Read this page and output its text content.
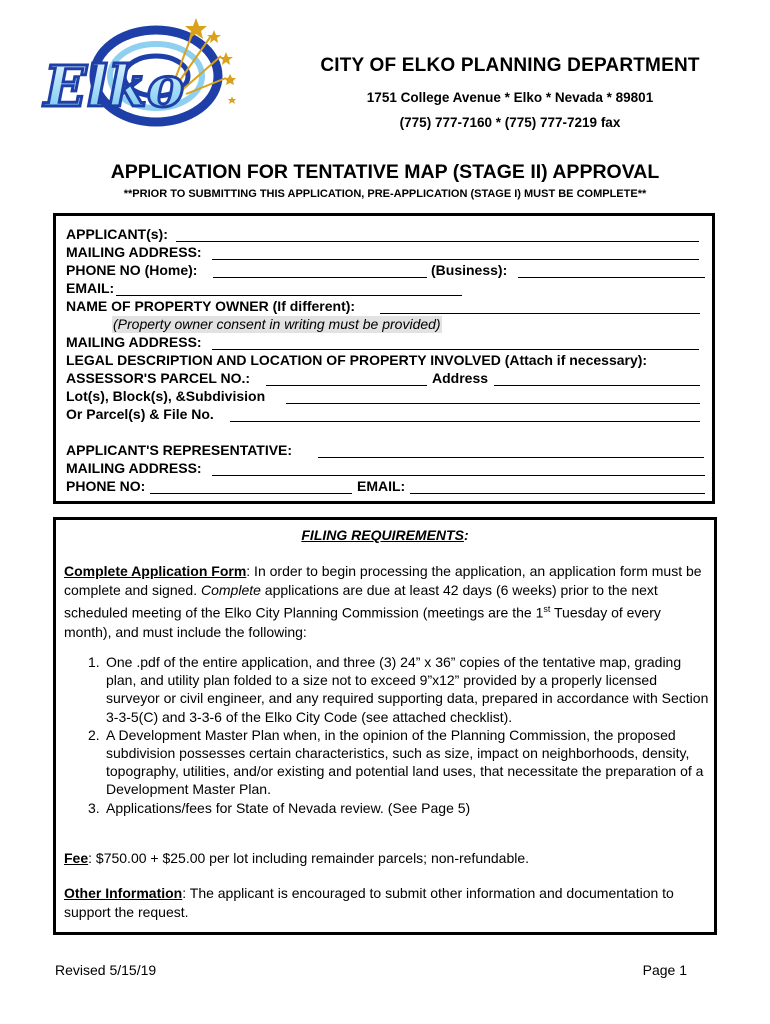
Elko	CITY OF ELKO PLANNING DEPARTMENT
1751 College Avenue * Elko * Nevada * 89801
(775) 777-7160 * (775) 777-7219 fax
APPLICATION FOR TENTATIVE MAP (STAGE II) APPROVAL
**PRIOR TO SUBMITTING THIS APPLICATION, PRE-APPLICATION (STAGE I) MUST BE COMPLETE**
APPLICANT(s):
MAILING ADDRESS:
PHONE NO (Home):	(Business):
EMAIL:
NAME OF PROPERTY OWNER (If different):
(Property owner consent in writing must be provided)
MAILING ADDRESS:
LEGAL DESCRIPTION AND LOCATION OF PROPERTY INVOLVED (Attach if necessary):
ASSESSOR'S PARCEL NO.:	Address
Lot(s), Block(s), &Subdivision
Or Parcel(s) & File No.
APPLICANT'S REPRESENTATIVE:
MAILING ADDRESS:
PHONE NO:	EMAIL:
FILING REQUIREMENTS:
Complete Application Form: In order to begin processing the application, an application form must be complete and signed. Complete applications are due at least 42 days (6 weeks) prior to the next scheduled meeting of the Elko City Planning Commission (meetings are the 1st Tuesday of every month), and must include the following:
1. One .pdf of the entire application, and three (3) 24” x 36” copies of the tentative map, grading plan, and utility plan folded to a size not to exceed 9”x12” provided by a properly licensed surveyor or civil engineer, and any required supporting data, prepared in accordance with Section 3-3-5(C) and 3-3-6 of the Elko City Code (see attached checklist).
2. A Development Master Plan when, in the opinion of the Planning Commission, the proposed subdivision possesses certain characteristics, such as size, impact on neighborhoods, density, topography, utilities, and/or existing and potential land uses, that necessitate the preparation of a Development Master Plan.
3. Applications/fees for State of Nevada review. (See Page 5)
Fee: $750.00 + $25.00 per lot including remainder parcels; non-refundable.
Other Information: The applicant is encouraged to submit other information and documentation to support the request.
Revised 5/15/19	Page 1
